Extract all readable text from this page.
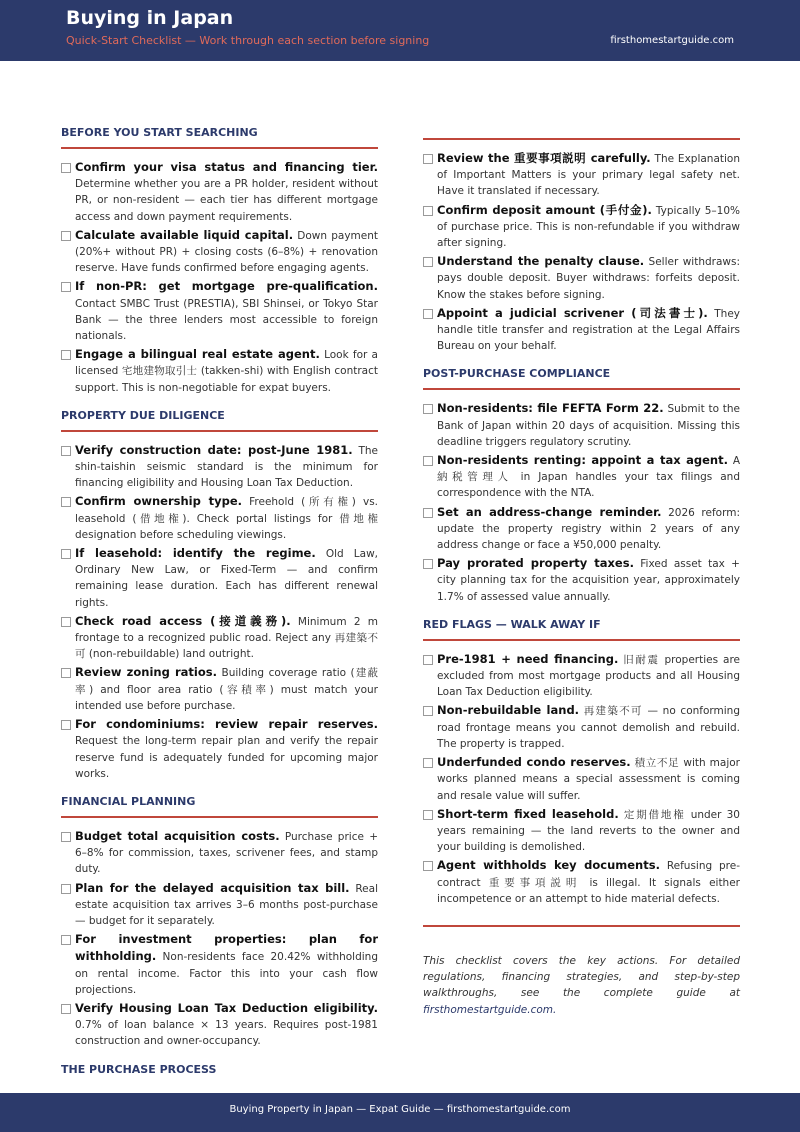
Buying in Japan
Quick-Start Checklist — Work through each section before signing	firsthomestartguide.com
BEFORE YOU START SEARCHING
Confirm your visa status and financing tier. Determine whether you are a PR holder, resident without PR, or non-resident — each tier has different mortgage access and down payment requirements.
Calculate available liquid capital. Down payment (20%+ without PR) + closing costs (6–8%) + renovation reserve. Have funds confirmed before engaging agents.
If non-PR: get mortgage pre-qualification. Contact SMBC Trust (PRESTIA), SBI Shinsei, or Tokyo Star Bank — the three lenders most accessible to foreign nationals.
Engage a bilingual real estate agent. Look for a licensed 宅地建物取引士 (takken-shi) with English contract support. This is non-negotiable for expat buyers.
PROPERTY DUE DILIGENCE
Verify construction date: post-June 1981. The shin-taishin seismic standard is the minimum for financing eligibility and Housing Loan Tax Deduction.
Confirm ownership type. Freehold (所有権) vs. leasehold (借地権). Check portal listings for 借地権 designation before scheduling viewings.
If leasehold: identify the regime. Old Law, Ordinary New Law, or Fixed-Term — and confirm remaining lease duration. Each has different renewal rights.
Check road access (接道義務). Minimum 2 m frontage to a recognized public road. Reject any 再建築不可 (non-rebuildable) land outright.
Review zoning ratios. Building coverage ratio (建蔽率) and floor area ratio (容積率) must match your intended use before purchase.
For condominiums: review repair reserves. Request the long-term repair plan and verify the repair reserve fund is adequately funded for upcoming major works.
FINANCIAL PLANNING
Budget total acquisition costs. Purchase price + 6–8% for commission, taxes, scrivener fees, and stamp duty.
Plan for the delayed acquisition tax bill. Real estate acquisition tax arrives 3–6 months post-purchase — budget for it separately.
For investment properties: plan for withholding. Non-residents face 20.42% withholding on rental income. Factor this into your cash flow projections.
Verify Housing Loan Tax Deduction eligibility. 0.7% of loan balance × 13 years. Requires post-1981 construction and owner-occupancy.
THE PURCHASE PROCESS
Review the 重要事項説明 carefully. The Explanation of Important Matters is your primary legal safety net. Have it translated if necessary.
Confirm deposit amount (手付金). Typically 5–10% of purchase price. This is non-refundable if you withdraw after signing.
Understand the penalty clause. Seller withdraws: pays double deposit. Buyer withdraws: forfeits deposit. Know the stakes before signing.
Appoint a judicial scrivener (司法書士). They handle title transfer and registration at the Legal Affairs Bureau on your behalf.
POST-PURCHASE COMPLIANCE
Non-residents: file FEFTA Form 22. Submit to the Bank of Japan within 20 days of acquisition. Missing this deadline triggers regulatory scrutiny.
Non-residents renting: appoint a tax agent. A 納税管理人 in Japan handles your tax filings and correspondence with the NTA.
Set an address-change reminder. 2026 reform: update the property registry within 2 years of any address change or face a ¥50,000 penalty.
Pay prorated property taxes. Fixed asset tax + city planning tax for the acquisition year, approximately 1.7% of assessed value annually.
RED FLAGS — WALK AWAY IF
Pre-1981 + need financing. 旧耐震 properties are excluded from most mortgage products and all Housing Loan Tax Deduction eligibility.
Non-rebuildable land. 再建築不可 — no conforming road frontage means you cannot demolish and rebuild. The property is trapped.
Underfunded condo reserves. 積立不足 with major works planned means a special assessment is coming and resale value will suffer.
Short-term fixed leasehold. 定期借地権 under 30 years remaining — the land reverts to the owner and your building is demolished.
Agent withholds key documents. Refusing pre-contract 重要事項説明 is illegal. It signals either incompetence or an attempt to hide material defects.
This checklist covers the key actions. For detailed regulations, financing strategies, and step-by-step walkthroughs, see the complete guide at firsthomestartguide.com.
Buying Property in Japan — Expat Guide — firsthomestartguide.com
